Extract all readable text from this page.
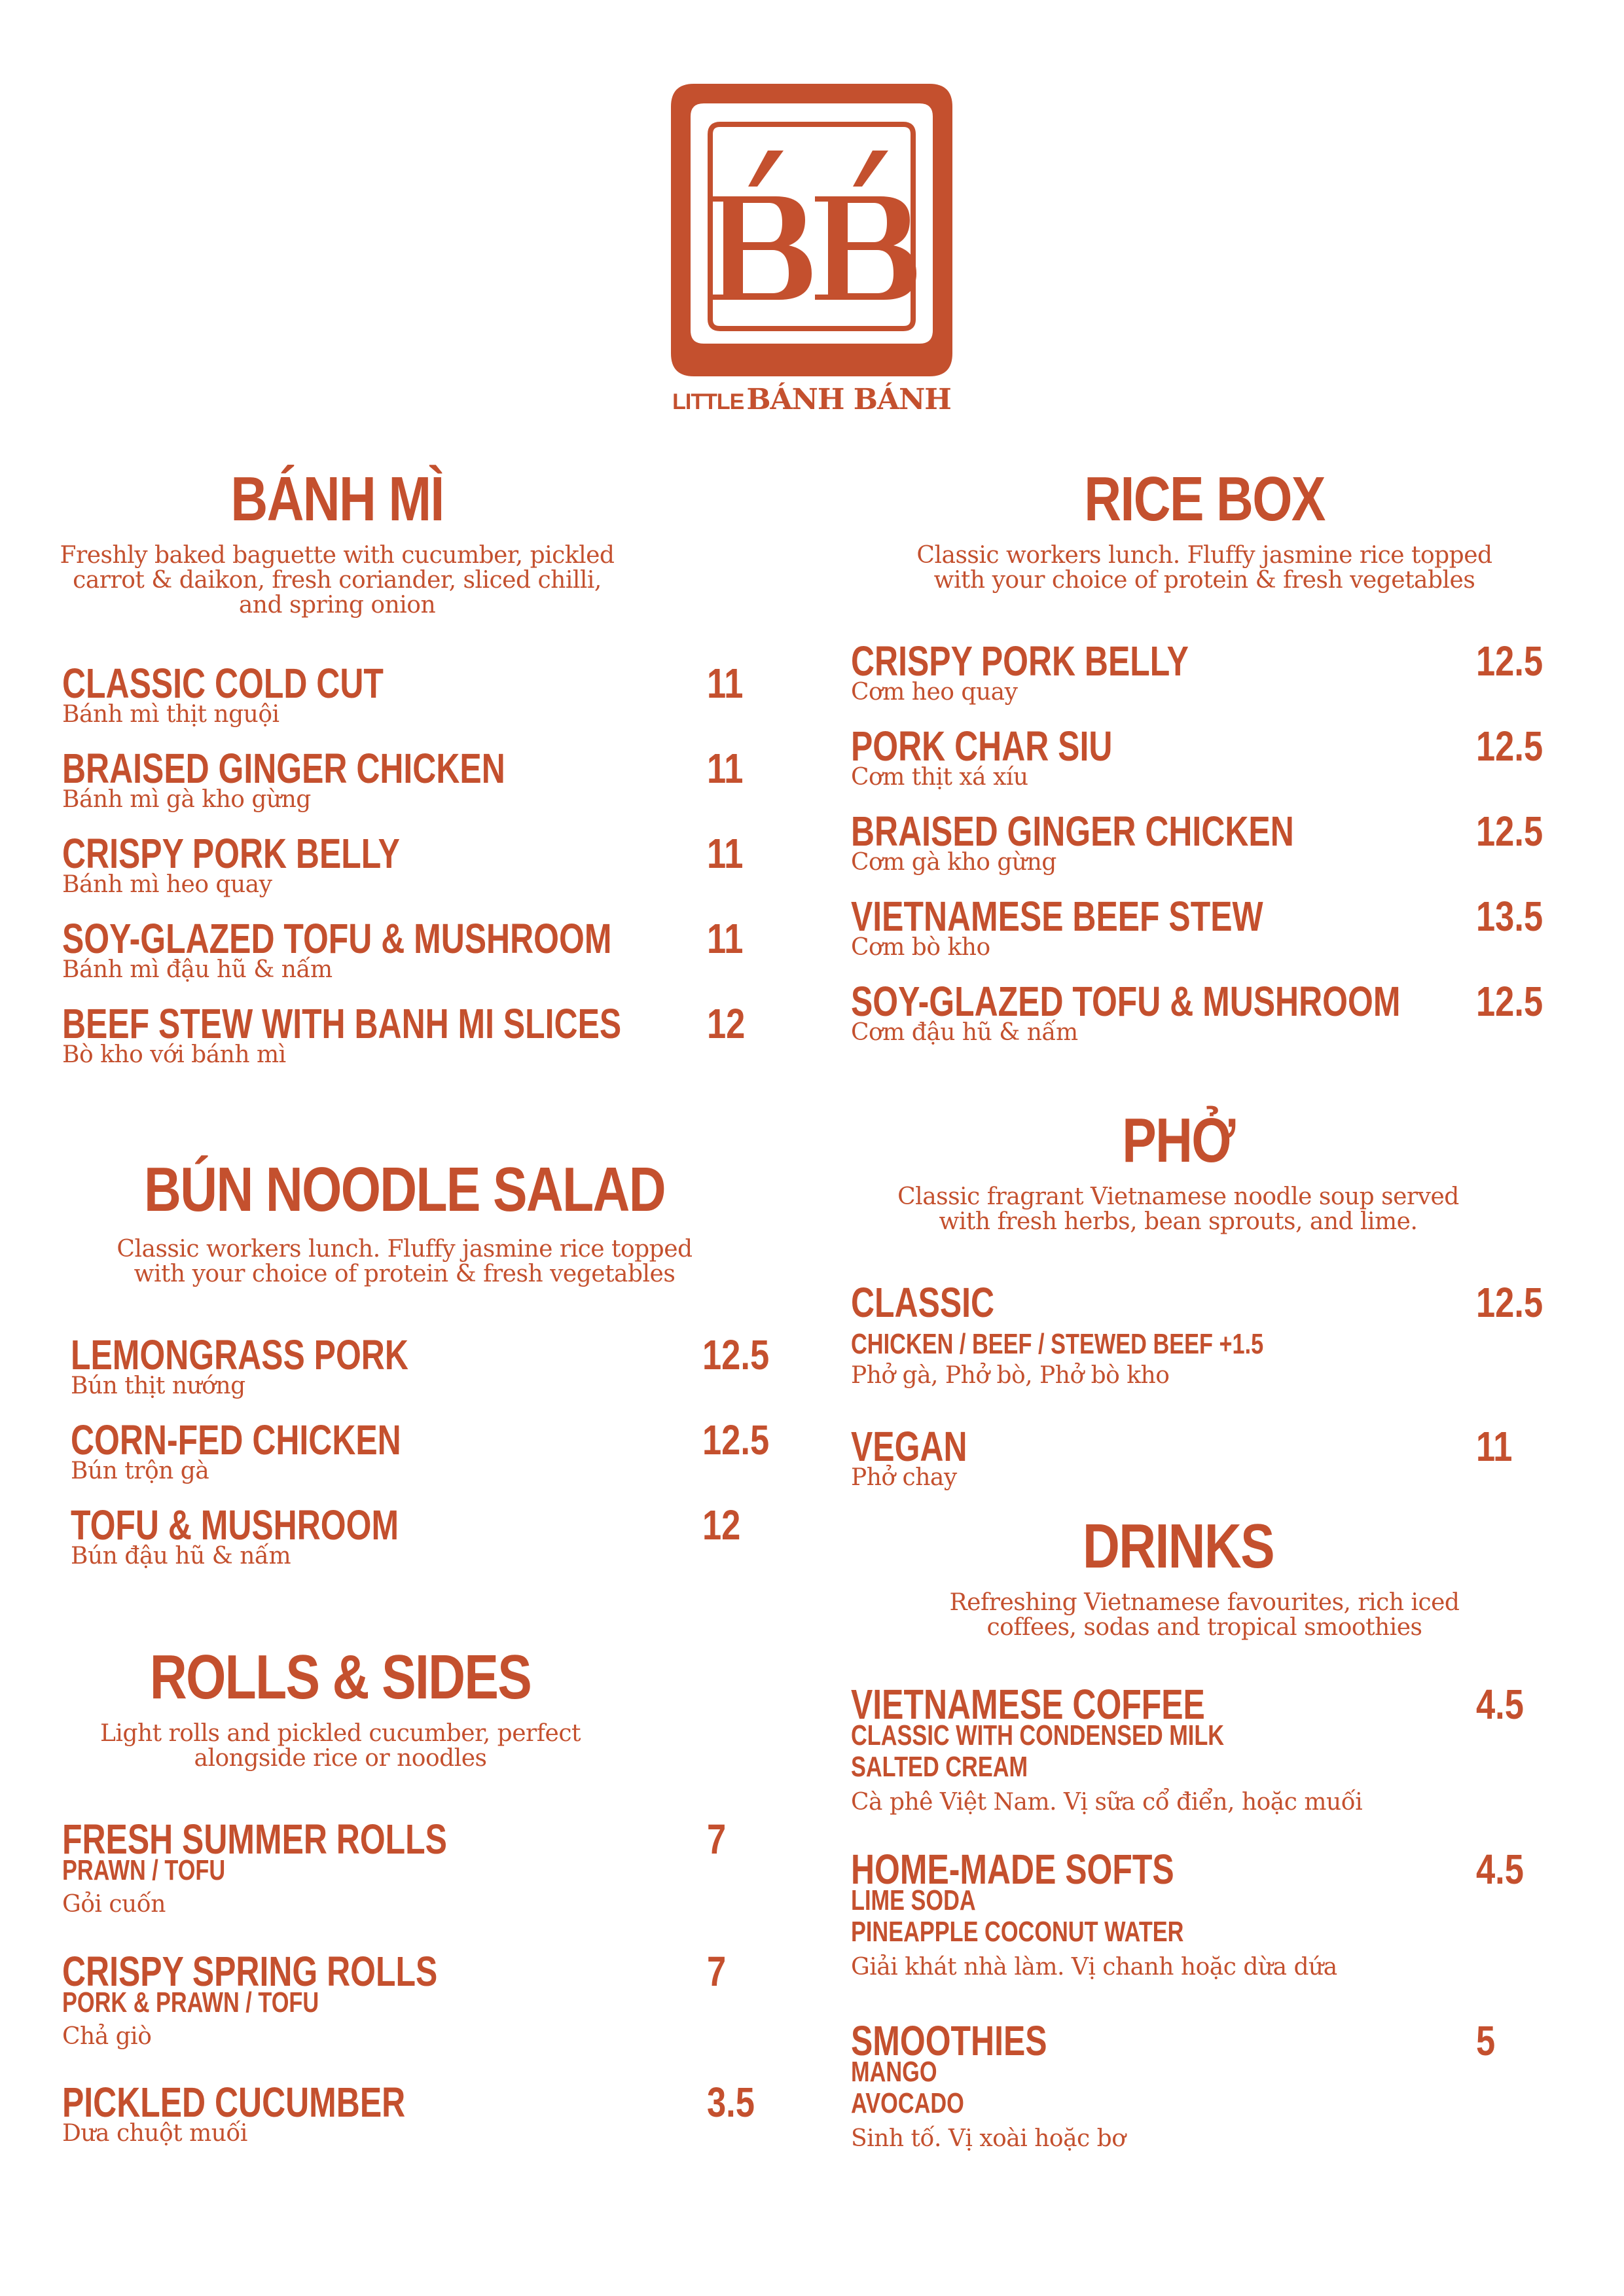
LITTLE BÁNH BÁNH
BÁNH MÌ
Freshly baked baguette with cucumber, pickled
carrot & daikon, fresh coriander, sliced chilli,
and spring onion
CLASSIC COLD CUT	11
Bánh mì thịt nguội
BRAISED GINGER CHICKEN	11
Bánh mì gà kho gừng
CRISPY PORK BELLY	11
Bánh mì heo quay
SOY-GLAZED TOFU & MUSHROOM 11
Bánh mì đậu hũ & nấm
BEEF STEW WITH BANH MI SLICES 12
Bò kho với bánh mì
BÚN NOODLE SALAD
Classic workers lunch. Fluffy jasmine rice topped
with your choice of protein & fresh vegetables
LEMONGRASS PORK	12.5
Bún thịt nướng
CORN-FED CHICKEN	12.5
Bún trộn gà
TOFU & MUSHROOM	12
Bún đậu hũ & nấm
ROLLS & SIDES
Light rolls and pickled cucumber, perfect
alongside rice or noodles
FRESH SUMMER ROLLS	7
PRAWN / TOFU
Gỏi cuốn
CRISPY SPRING ROLLS	7
PORK & PRAWN / TOFU
Chả giò
PICKLED CUCUMBER	3.5
Dưa chuột muối
RICE BOX
Classic workers lunch. Fluffy jasmine rice topped
with your choice of protein & fresh vegetables
CRISPY PORK BELLY	12.5
Cơm heo quay
PORK CHAR SIU	12.5
Cơm thịt xá xíu
BRAISED GINGER CHICKEN	12.5
Cơm gà kho gừng
VIETNAMESE BEEF STEW	13.5
Cơm bò kho
SOY-GLAZED TOFU & MUSHROOM 12.5
Cơm đậu hũ & nấm
PHỞ
Classic fragrant Vietnamese noodle soup served
with fresh herbs, bean sprouts, and lime.
CLASSIC	12.5
CHICKEN / BEEF / STEWED BEEF +1.5
Phở gà, Phở bò, Phở bò kho
VEGAN	11
Phở chay
DRINKS
Refreshing Vietnamese favourites, rich iced
coffees, sodas and tropical smoothies
VIETNAMESE COFFEE	4.5
CLASSIC WITH CONDENSED MILK
SALTED CREAM
Cà phê Việt Nam. Vị sữa cổ điển, hoặc muối
HOME-MADE SOFTS	4.5
LIME SODA
PINEAPPLE COCONUT WATER
Giải khát nhà làm. Vị chanh hoặc dừa dứa
SMOOTHIES	5
MANGO
AVOCADO
Sinh tố. Vị xoài hoặc bơ
